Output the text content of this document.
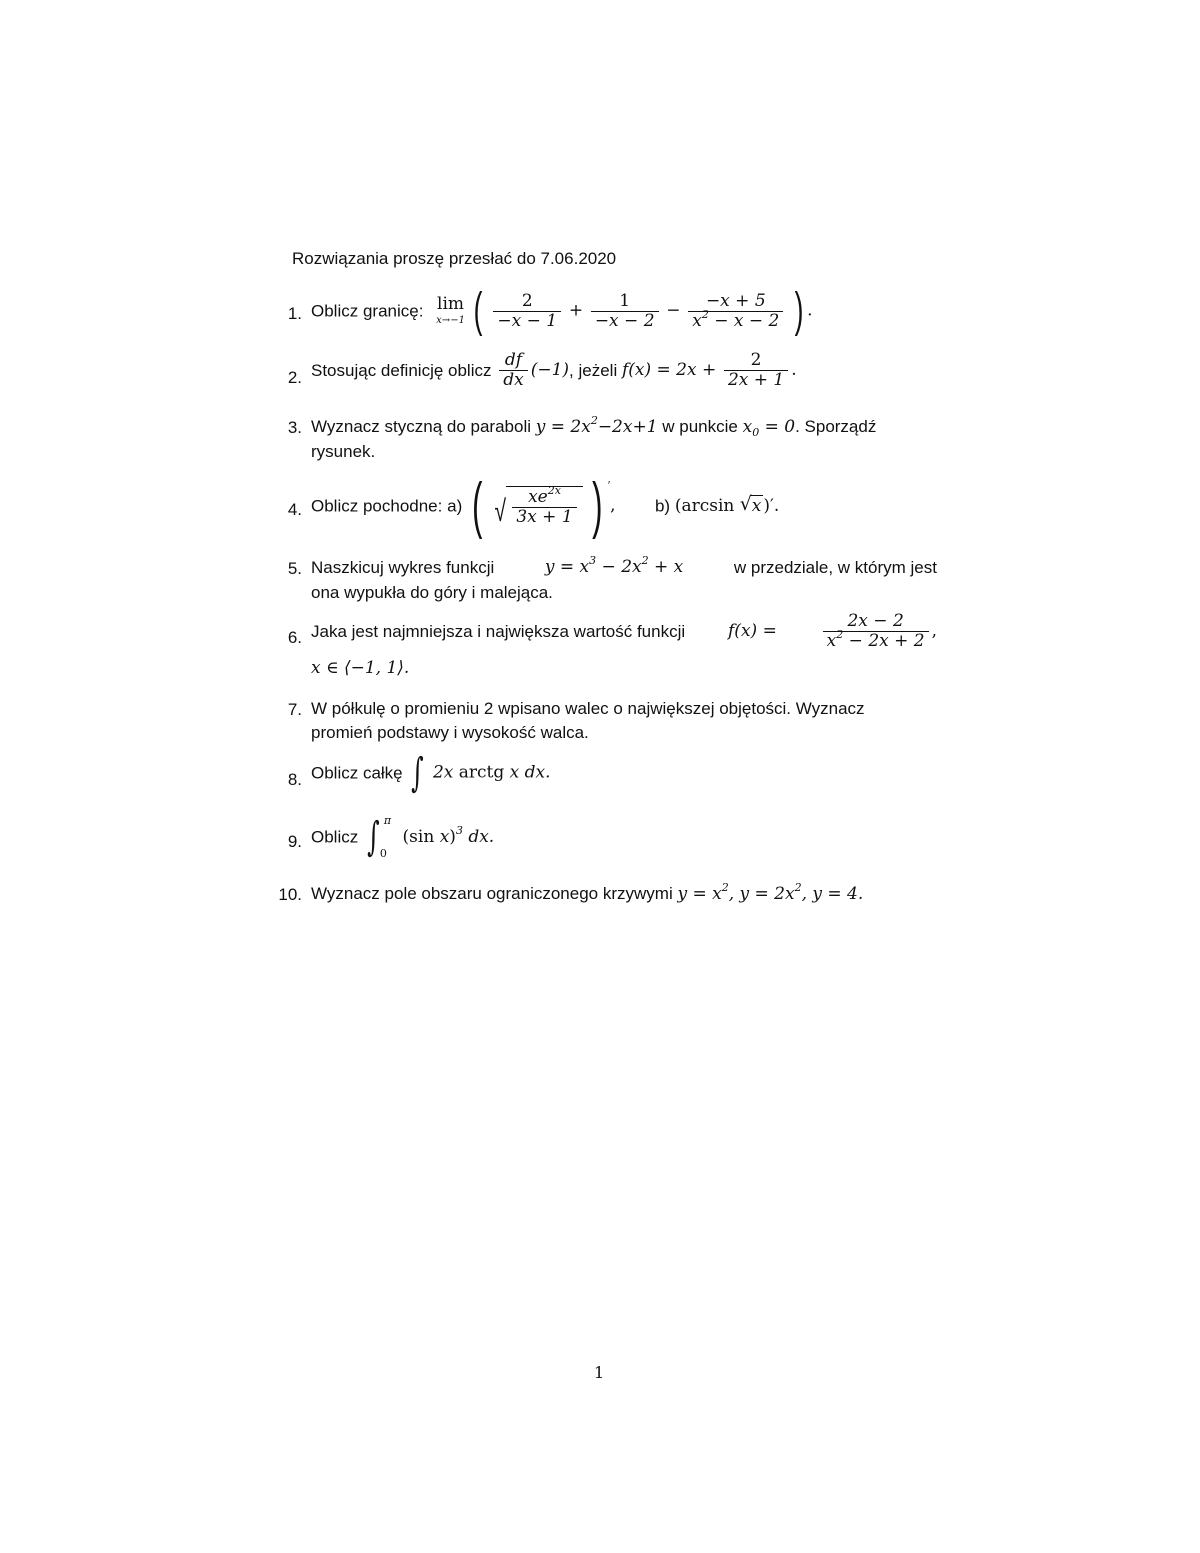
Rozwiązania proszę przesłać do 7.06.2020
1. Oblicz granicę: lim
x→−1 ( $\frac{2}{-x - 1} + \frac{1}{-x - 2} - \frac{-x + 5}{x^2 - x - 2}$ ) .
2. Stosując definicję oblicz $\frac{df}{dx} (-1)$, jeżeli $f(x) = 2x + \frac{2}{2x + 1}$ .
3. Wyznacz styczną do paraboli $y = 2x^2-2x+1$ w punkcie $x_0 = 0$. Sporządź
rysunek.
4. Oblicz pochodne: a) ( √ $\frac{xe^{2x}}{3x + 1}$ ) ′, b) (arcsin √ x )′.
5. Naszkicuj wykres funkcji	$y = x^3 - 2x^2 + x$	w przedziale, w którym jest
ona wypukła do góry i malejąca.
6. Jaka jest najmniejsza i największa wartość funkcji	f(x) =	$\frac{2x - 2}{x^2 - 2x + 2}$ ,
x ∈ ⟨−1, 1⟩.
7. W półkulę o promieniu 2 wpisano walec o największej objętości. Wyznacz
promień podstawy i wysokość walca.
8. Oblicz całkę ∫ 2x arctg x dx.
9. Oblicz ∫ π
0
(sin x)$^3$ dx.
10. Wyznacz pole obszaru ograniczonego krzywymi $y = x^2$, $y = 2x^2$, y = 4.
1
